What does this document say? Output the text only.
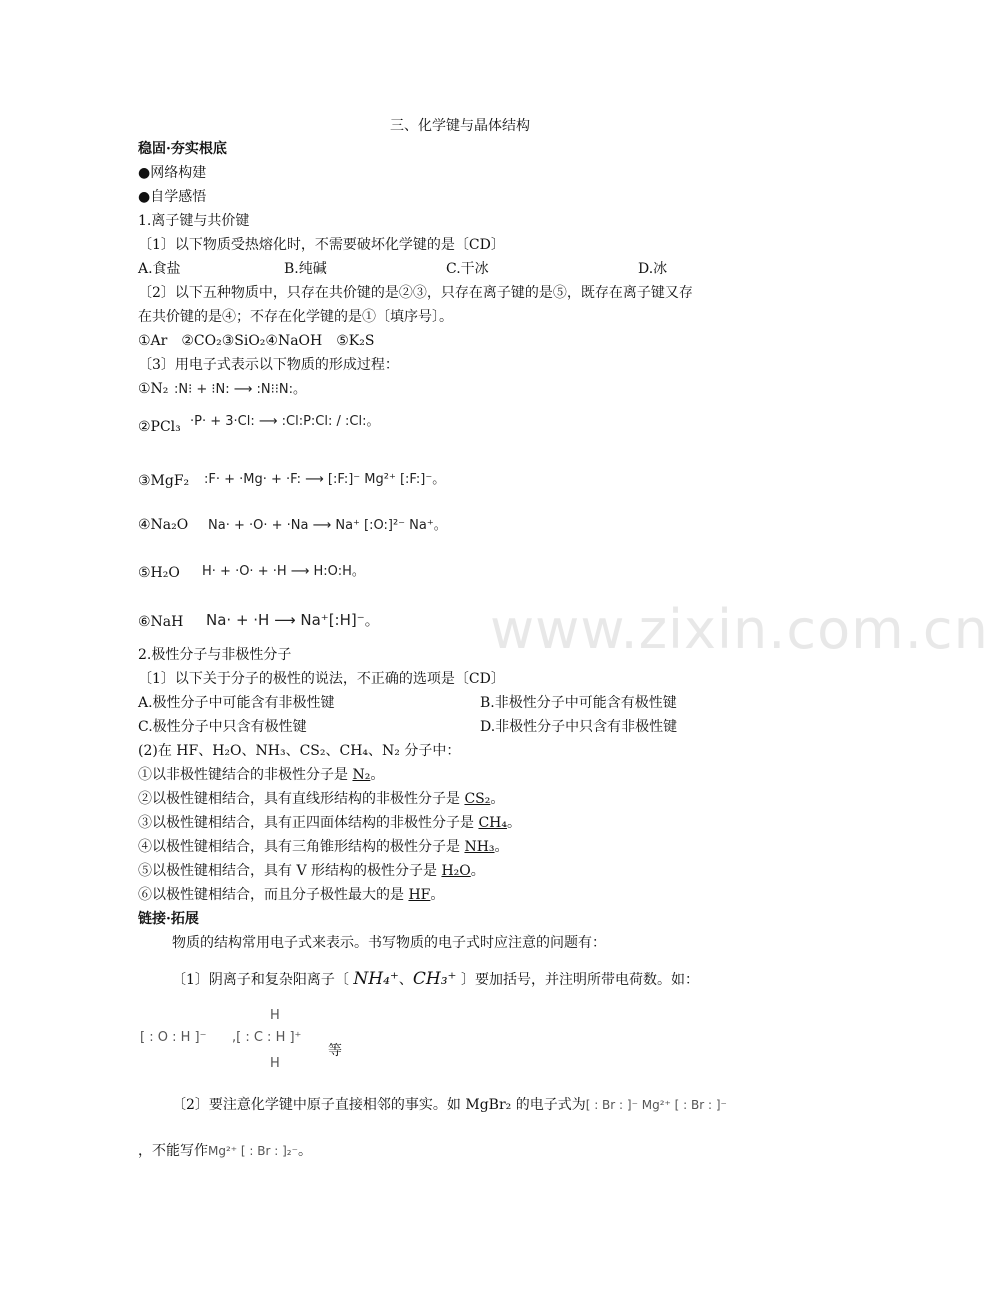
三、化学键与晶体结构
稳固·夯实根底
●网络构建
●自学感悟
1.离子键与共价键
〔1〕以下物质受热熔化时，不需要破坏化学键的是〔CD〕
A.食盐	B.纯碱	C.干冰	D.冰
〔2〕以下五种物质中，只存在共价键的是②③，只存在离子键的是⑤，既存在离子键又存
在共价键的是④；不存在化学键的是①〔填序号〕。
①Ar　②CO₂③SiO₂④NaOH　⑤K₂S
〔3〕用电子式表示以下物质的形成过程：
①N₂ :N⁝ + ⁝N: ⟶ :N⁝⁝N:。
②PCl₃ ·P· + 3·Cl: ⟶ :Cl:P:Cl: / :Cl:。
③MgF₂ :F· + ·Mg· + ·F: ⟶ [:F:]⁻ Mg²⁺ [:F:]⁻。
④Na₂O Na· + ·O· + ·Na ⟶ Na⁺ [:O:]²⁻ Na⁺。
⑤H₂O H· + ·O· + ·H ⟶ H:O:H。
⑥NaH Na· + ·H ⟶ Na⁺[:H]⁻。 www.zixin.com.cn
2.极性分子与非极性分子
〔1〕以下关于分子的极性的说法，不正确的选项是〔CD〕
A.极性分子中可能含有非极性键	B.非极性分子中可能含有极性键
C.极性分子中只含有极性键	D.非极性分子中只含有非极性键
(2)在 HF、H₂O、NH₃、CS₂、CH₄、N₂ 分子中：
①以非极性键结合的非极性分子是 N₂。
②以极性键相结合，具有直线形结构的非极性分子是 CS₂。
③以极性键相结合，具有正四面体结构的非极性分子是 CH₄。
④以极性键相结合，具有三角锥形结构的极性分子是 NH₃。
⑤以极性键相结合，具有 V 形结构的极性分子是 H₂O。
⑥以极性键相结合，而且分子极性最大的是 HF。
链接·拓展
物质的结构常用电子式来表示。书写物质的电子式时应注意的问题有：
〔1〕阴离子和复杂阳离子〔 NH₄⁺、CH₃⁺ 〕要加括号，并注明所带电荷数。如：
[ : O : H ]⁻ ,[ : C : H ]⁺
H
H
等
〔2〕要注意化学键中原子直接相邻的事实。如 MgBr₂ 的电子式为[ : Br : ]⁻ Mg²⁺ [ : Br : ]⁻
，不能写作Mg²⁺ [ : Br : ]₂⁻。
